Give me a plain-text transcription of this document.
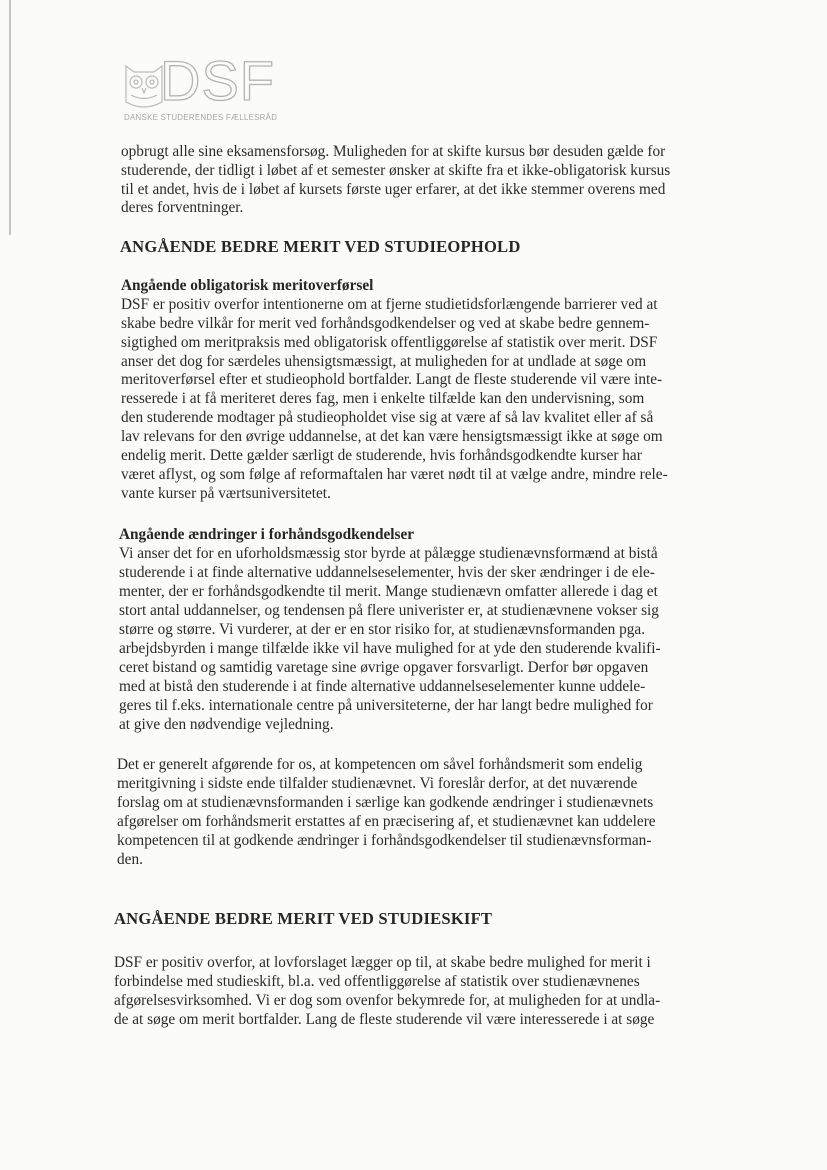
DSF
DANSKE STUDERENDES FÆLLESRÅD
opbrugt alle sine eksamensforsøg. Muligheden for at skifte kursus bør desuden gælde for
studerende, der tidligt i løbet af et semester ønsker at skifte fra et ikke-obligatorisk kursus
til et andet, hvis de i løbet af kursets første uger erfarer, at det ikke stemmer overens med
deres forventninger.
ANGÅENDE BEDRE MERIT VED STUDIEOPHOLD
Angående obligatorisk meritoverførsel
DSF er positiv overfor intentionerne om at fjerne studietidsforlængende barrierer ved at
skabe bedre vilkår for merit ved forhåndsgodkendelser og ved at skabe bedre gennem-
sigtighed om meritpraksis med obligatorisk offentliggørelse af statistik over merit. DSF
anser det dog for særdeles uhensigtsmæssigt, at muligheden for at undlade at søge om
meritoverførsel efter et studieophold bortfalder. Langt de fleste studerende vil være inte-
resserede i at få meriteret deres fag, men i enkelte tilfælde kan den undervisning, som
den studerende modtager på studieopholdet vise sig at være af så lav kvalitet eller af så
lav relevans for den øvrige uddannelse, at det kan være hensigtsmæssigt ikke at søge om
endelig merit. Dette gælder særligt de studerende, hvis forhåndsgodkendte kurser har
været aflyst, og som følge af reformaftalen har været nødt til at vælge andre, mindre rele-
vante kurser på værtsuniversitetet.
Angående ændringer i forhåndsgodkendelser
Vi anser det for en uforholdsmæssig stor byrde at pålægge studienævnsformænd at bistå
studerende i at finde alternative uddannelseselementer, hvis der sker ændringer i de ele-
menter, der er forhåndsgodkendte til merit. Mange studienævn omfatter allerede i dag et
stort antal uddannelser, og tendensen på flere univerister er, at studienævnene vokser sig
større og større. Vi vurderer, at der er en stor risiko for, at studienævnsformanden pga.
arbejdsbyrden i mange tilfælde ikke vil have mulighed for at yde den studerende kvalifi-
ceret bistand og samtidig varetage sine øvrige opgaver forsvarligt. Derfor bør opgaven
med at bistå den studerende i at finde alternative uddannelseselementer kunne uddele-
geres til f.eks. internationale centre på universiteterne, der har langt bedre mulighed for
at give den nødvendige vejledning.
Det er generelt afgørende for os, at kompetencen om såvel forhåndsmerit som endelig
meritgivning i sidste ende tilfalder studienævnet. Vi foreslår derfor, at det nuværende
forslag om at studienævnsformanden i særlige kan godkende ændringer i studienævnets
afgørelser om forhåndsmerit erstattes af en præcisering af, et studienævnet kan uddelere
kompetencen til at godkende ændringer i forhåndsgodkendelser til studienævnsforman-
den.
ANGÅENDE BEDRE MERIT VED STUDIESKIFT
DSF er positiv overfor, at lovforslaget lægger op til, at skabe bedre mulighed for merit i
forbindelse med studieskift, bl.a. ved offentliggørelse af statistik over studienævnenes
afgørelsesvirksomhed. Vi er dog som ovenfor bekymrede for, at muligheden for at undla-
de at søge om merit bortfalder. Lang de fleste studerende vil være interesserede i at søge
